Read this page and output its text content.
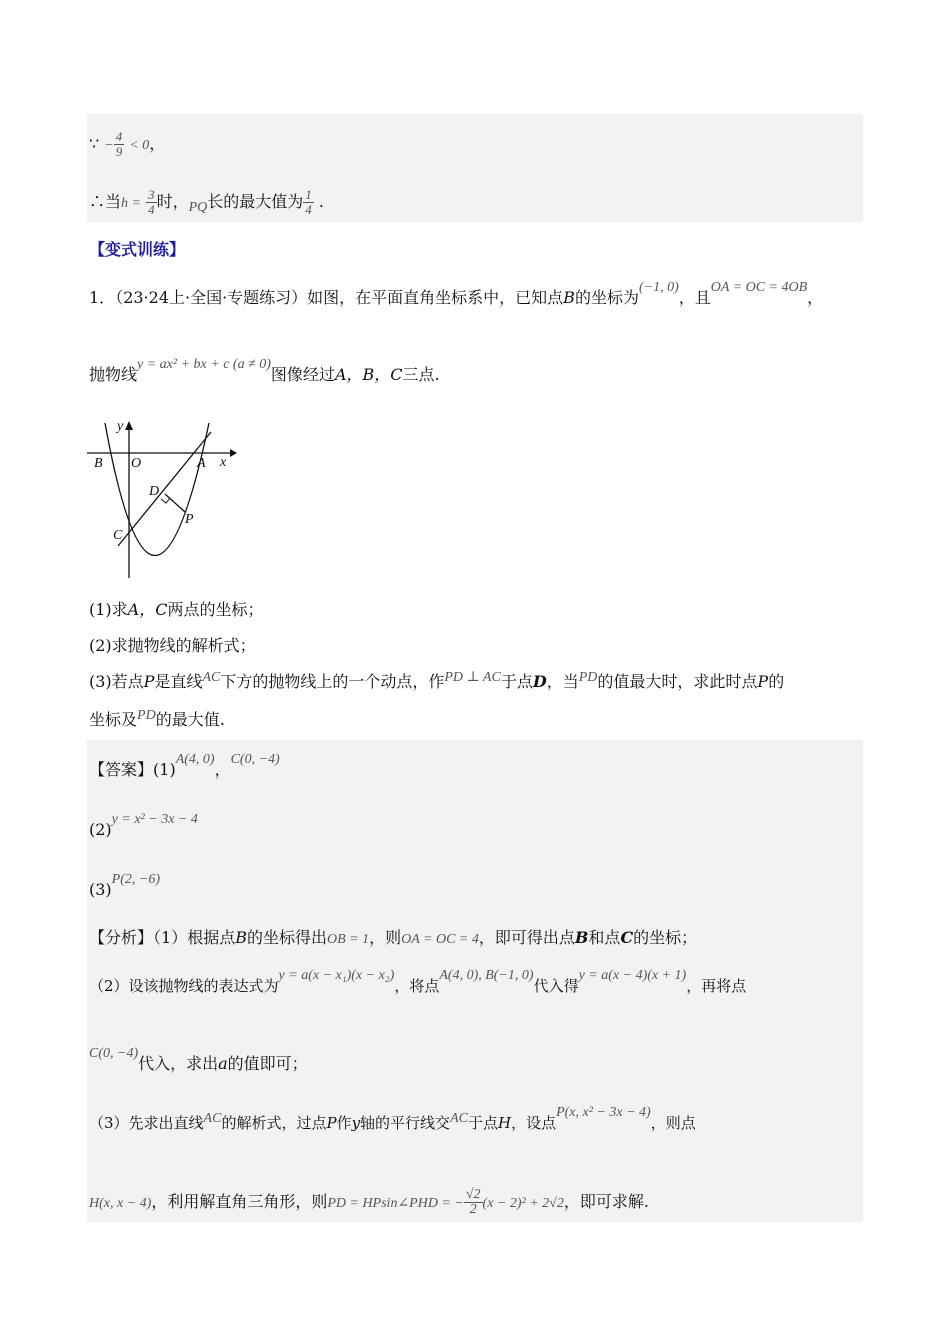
∵ − $\frac{4}{9} < 0$，
∴当$h = \frac{3}{4}$ 时，PQ长的最大值为 $\frac{1}{4}$ .
【变式训练】
1．（23·24上·全国·专题练习）如图，在平面直角坐标系中，已知点B的坐标为(−1, 0)，且OA = OC = 4OB，
抛物线y = ax² + bx + c (a ≠ 0)图像经过A，B，C三点.
y
x
B O	A
D
P
C
(1)求A，C两点的坐标；
(2)求抛物线的解析式；
(3)若点P是直线AC下方的抛物线上的一个动点，作PD ⊥ AC于点D，当PD的值最大时，求此时点P的
坐标及PD的最大值.
【答案】(1)A(4, 0)，C(0, −4)
(2)y = x² − 3x − 4
(3)P(2, −6)
【分析】（1）根据点B的坐标得出OB = 1，则OA = OC = 4，即可得出点B和点C的坐标；
（2）设该抛物线的表达式为y = a(x − x₁)(x − x₂)，将点A(4, 0), B(−1, 0)代入得y = a(x − 4)(x + 1)，再将点
C(0, −4)代入，求出a的值即可；
（3）先求出直线AC的解析式，过点P作y轴的平行线交AC于点H，设点P(x, x² − 3x − 4)，则点
H(x, x − 4)，利用解直角三角形，则PD = HPsin∠PHD = − $\frac{√2}{2} (x - 2)^2 + 2√2$，即可求解.
